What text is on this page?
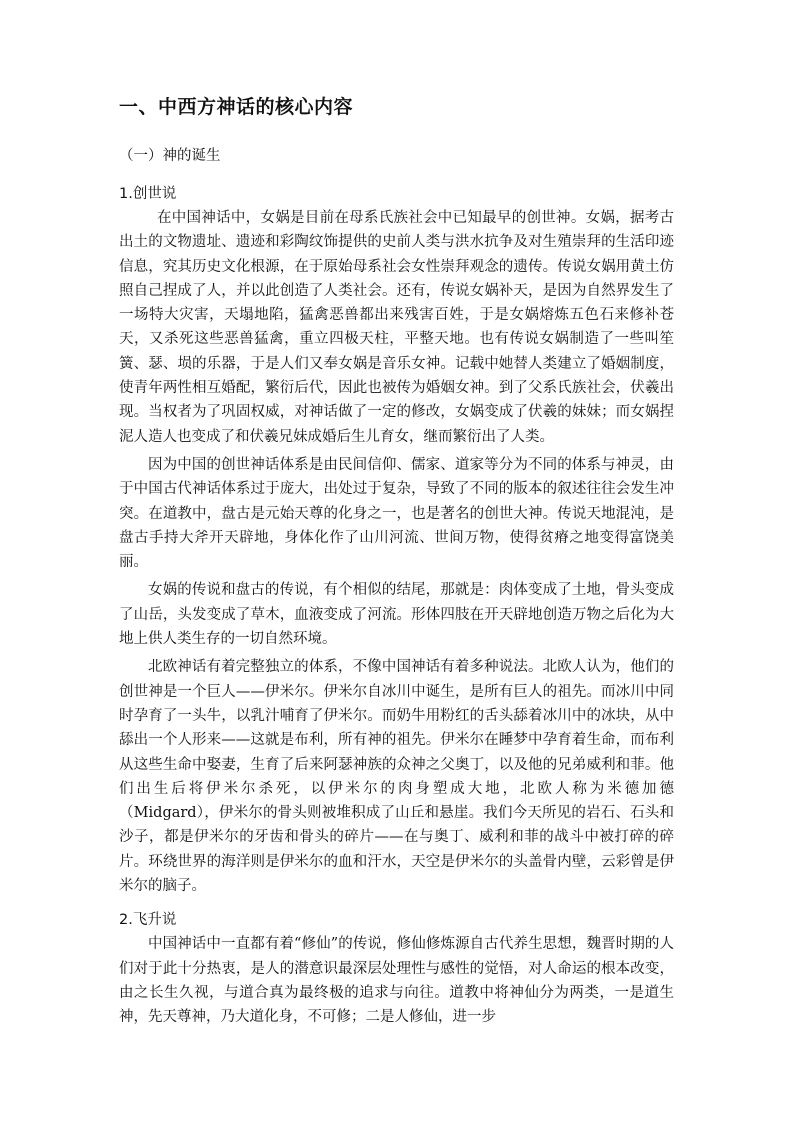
一、中西方神话的核心内容
（一）神的诞生
1.创世说

在中国神话中，女娲是目前在母系氏族社会中已知最早的创世神。女娲，据考古出土的文物遗址、遗迹和彩陶纹饰提供的史前人类与洪水抗争及对生殖崇拜的生活印迹信息，究其历史文化根源，在于原始母系社会女性崇拜观念的遗传。传说女娲用黄土仿照自己捏成了人，并以此创造了人类社会。还有，传说女娲补天，是因为自然界发生了一场特大灾害，天塌地陷，猛禽恶兽都出来残害百姓，于是女娲熔炼五色石来修补苍天，又杀死这些恶兽猛禽，重立四极天柱，平整天地。也有传说女娲制造了一些叫笙簧、瑟、埙的乐器，于是人们又奉女娲是音乐女神。记载中她替人类建立了婚姻制度，使青年两性相互婚配，繁衍后代，因此也被传为婚姻女神。到了父系氏族社会，伏羲出现。当权者为了巩固权威，对神话做了一定的修改，女娲变成了伏羲的妹妹；而女娲捏泥人造人也变成了和伏羲兄妹成婚后生儿育女，继而繁衍出了人类。

因为中国的创世神话体系是由民间信仰、儒家、道家等分为不同的体系与神灵，由于中国古代神话体系过于庞大，出处过于复杂，导致了不同的版本的叙述往往会发生冲突。在道教中，盘古是元始天尊的化身之一，也是著名的创世大神。传说天地混沌，是盘古手持大斧开天辟地，身体化作了山川河流、世间万物，使得贫瘠之地变得富饶美丽。

女娲的传说和盘古的传说，有个相似的结尾，那就是：肉体变成了土地，骨头变成了山岳，头发变成了草木，血液变成了河流。形体四肢在开天辟地创造万物之后化为大地上供人类生存的一切自然环境。

北欧神话有着完整独立的体系，不像中国神话有着多种说法。北欧人认为，他们的创世神是一个巨人——伊米尔。伊米尔自冰川中诞生，是所有巨人的祖先。而冰川中同时孕育了一头牛，以乳汁哺育了伊米尔。而奶牛用粉红的舌头舔着冰川中的冰块，从中舔出一个人形来——这就是布利，所有神的祖先。伊米尔在睡梦中孕育着生命，而布利从这些生命中娶妻，生育了后来阿瑟神族的众神之父奥丁，以及他的兄弟威利和菲。他们出生后将伊米尔杀死，以伊米尔的肉身塑成大地，北欧人称为米德加德（Midgard），伊米尔的骨头则被堆积成了山丘和悬崖。我们今天所见的岩石、石头和沙子，都是伊米尔的牙齿和骨头的碎片——在与奥丁、威利和菲的战斗中被打碎的碎片。环绕世界的海洋则是伊米尔的血和汗水，天空是伊米尔的头盖骨内壁，云彩曾是伊米尔的脑子。

2.飞升说

中国神话中一直都有着“修仙”的传说，修仙修炼源自古代养生思想，魏晋时期的人们对于此十分热衷，是人的潜意识最深层处理性与感性的觉悟，对人命运的根本改变，由之长生久视，与道合真为最终极的追求与向往。道教中将神仙分为两类，一是道生神，先天尊神，乃大道化身，不可修；二是人修仙，进一步
